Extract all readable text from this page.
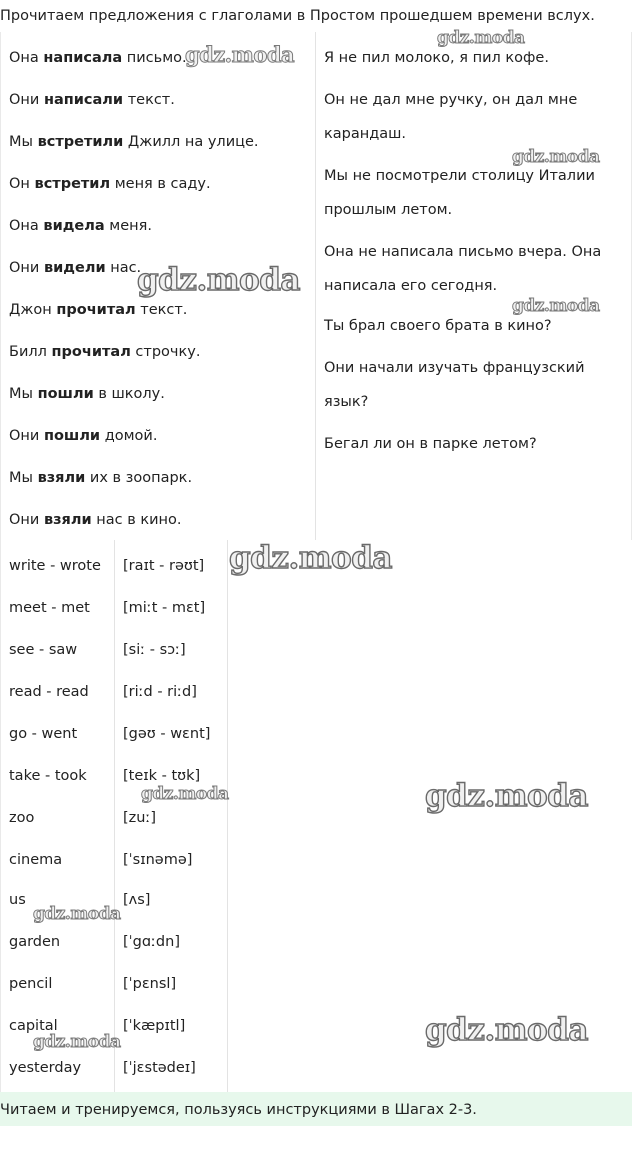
Прочитаем предложения с глаголами в Простом прошедшем времени вслух.
Она написала письмо.
Они написали текст.
Мы встретили Джилл на улице.
Он встретил меня в саду.
Она видела меня.
Они видели нас.
Джон прочитал текст.
Билл прочитал строчку.
Мы пошли в школу.
Они пошли домой.
Мы взяли их в зоопарк.
Они взяли нас в кино.
Я не пил молоко, я пил кофе.
Он не дал мне ручку, он дал мне
карандаш.
Мы не посмотрели столицу Италии
прошлым летом.
Она не написала письмо вчера. Она
написала его сегодня.
Ты брал своего брата в кино?
Они начали изучать французский
язык?
Бегал ли он в парке летом?
write - wrote
meet - met
see - saw
read - read
go - went
take - took
zoo
cinema
us
garden
pencil
capital
yesterday
[raɪt - rəʊt]
[miːt - mɛt]
[siː - sɔː]
[riːd - riːd]
[gəʊ - wɛnt]
[teɪk - tʊk]
[zuː]
[ˈsɪnəmə]
[ʌs]
[ˈgɑːdn]
[ˈpɛnsl]
[ˈkæpɪtl]
[ˈjɛstədeɪ]
Читаем и тренируемся, пользуясь инструкциями в Шагах 2-3.
gdz.moda
gdz.moda
gdz.moda
gdz.moda
gdz.moda
gdz.moda
gdz.moda	gdz.moda
gdz.moda
gdz.moda
gdz.moda
